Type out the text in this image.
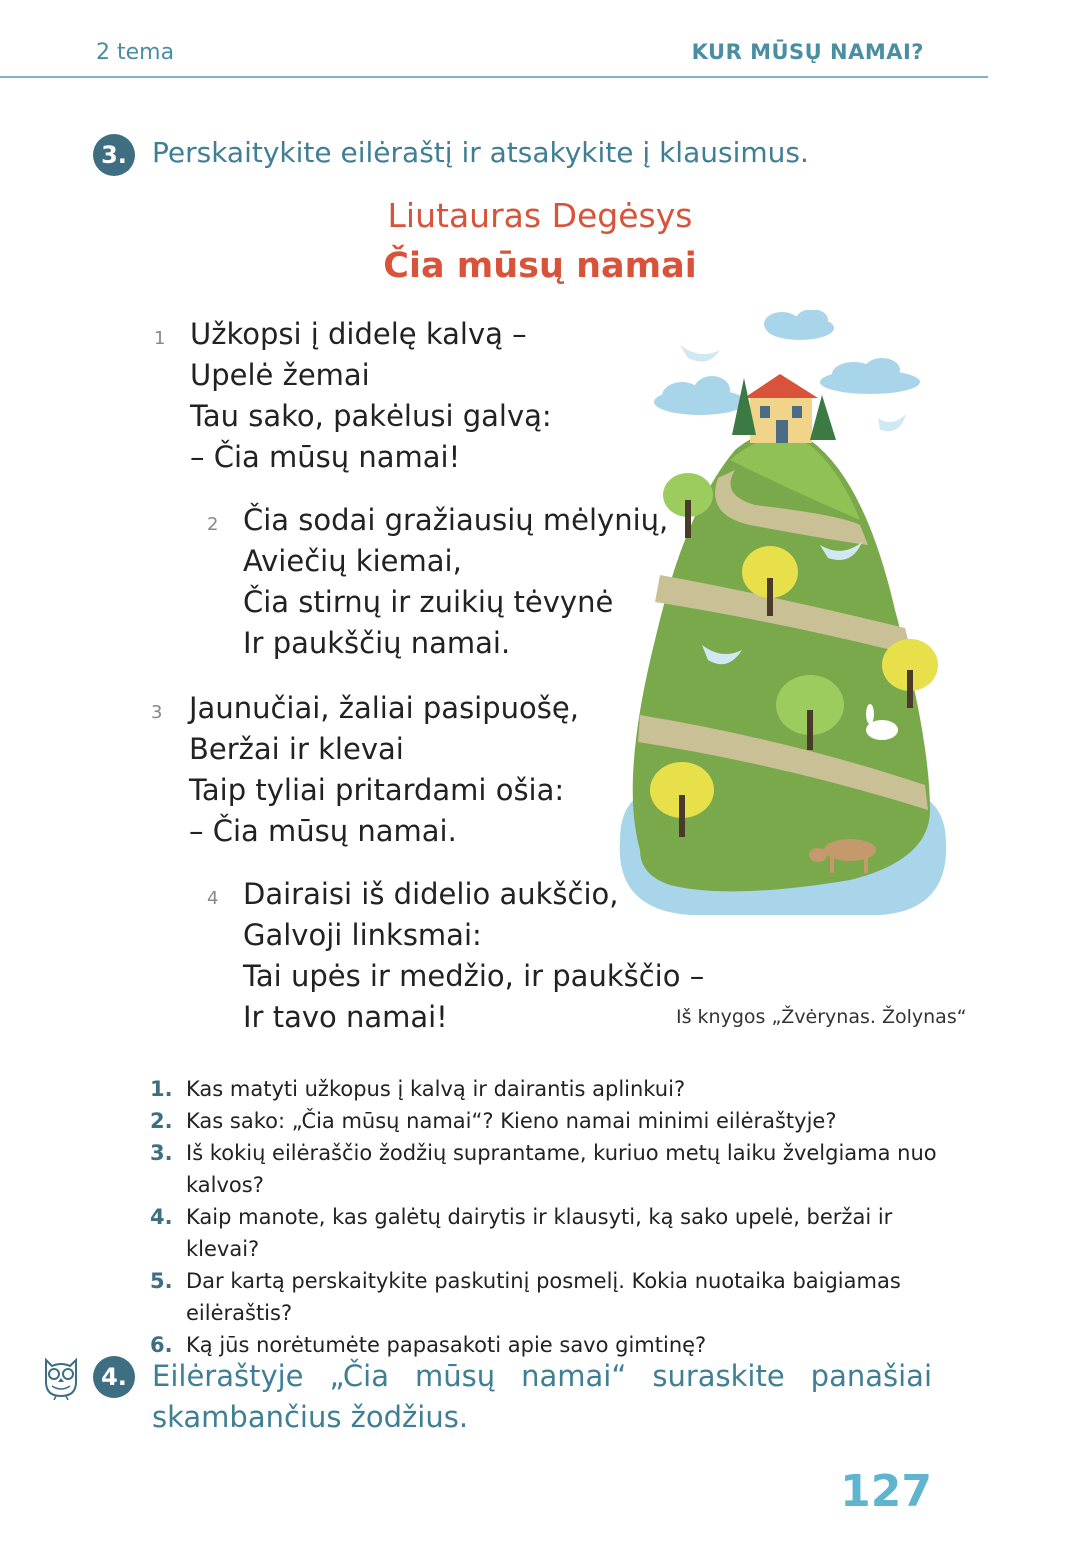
2 tema	KUR MŪSŲ NAMAI?
3. Perskaitykite eilėraštį ir atsakykite į klausimus.
Liutauras Degėsys
Čia mūsų namai
1 Užkopsi į didelę kalvą –
Upelė žemai
Tau sako, pakėlusi galvą:
– Čia mūsų namai!
2 Čia sodai gražiausių mėlynių,
Aviečių kiemai,
Čia stirnų ir zuikių tėvynė
Ir paukščių namai.
3 Jaunučiai, žaliai pasipuošę,
Beržai ir klevai
Taip tyliai pritardami ošia:
– Čia mūsų namai.
4 Dairaisi iš didelio aukščio,
Galvoji linksmai:
Tai upės ir medžio, ir paukščio –
Ir tavo namai!	Iš knygos „Žvėrynas. Žolynas“
1. Kas matyti užkopus į kalvą ir dairantis aplinkui?
2. Kas sako: „Čia mūsų namai“? Kieno namai minimi eilėraštyje?
3. Iš kokių eilėraščio žodžių suprantame, kuriuo metų laiku žvelgiama nuo kalvos?
4. Kaip manote, kas galėtų dairytis ir klausyti, ką sako upelė, beržai ir klevai?
5. Dar kartą perskaitykite paskutinį posmelį. Kokia nuotaika baigiamas eilėraštis?
6. Ką jūs norėtumėte papasakoti apie savo gimtinę?
4. Eilėraštyje „Čia mūsų namai“ suraskite panašiai skambančius žodžius.
127
